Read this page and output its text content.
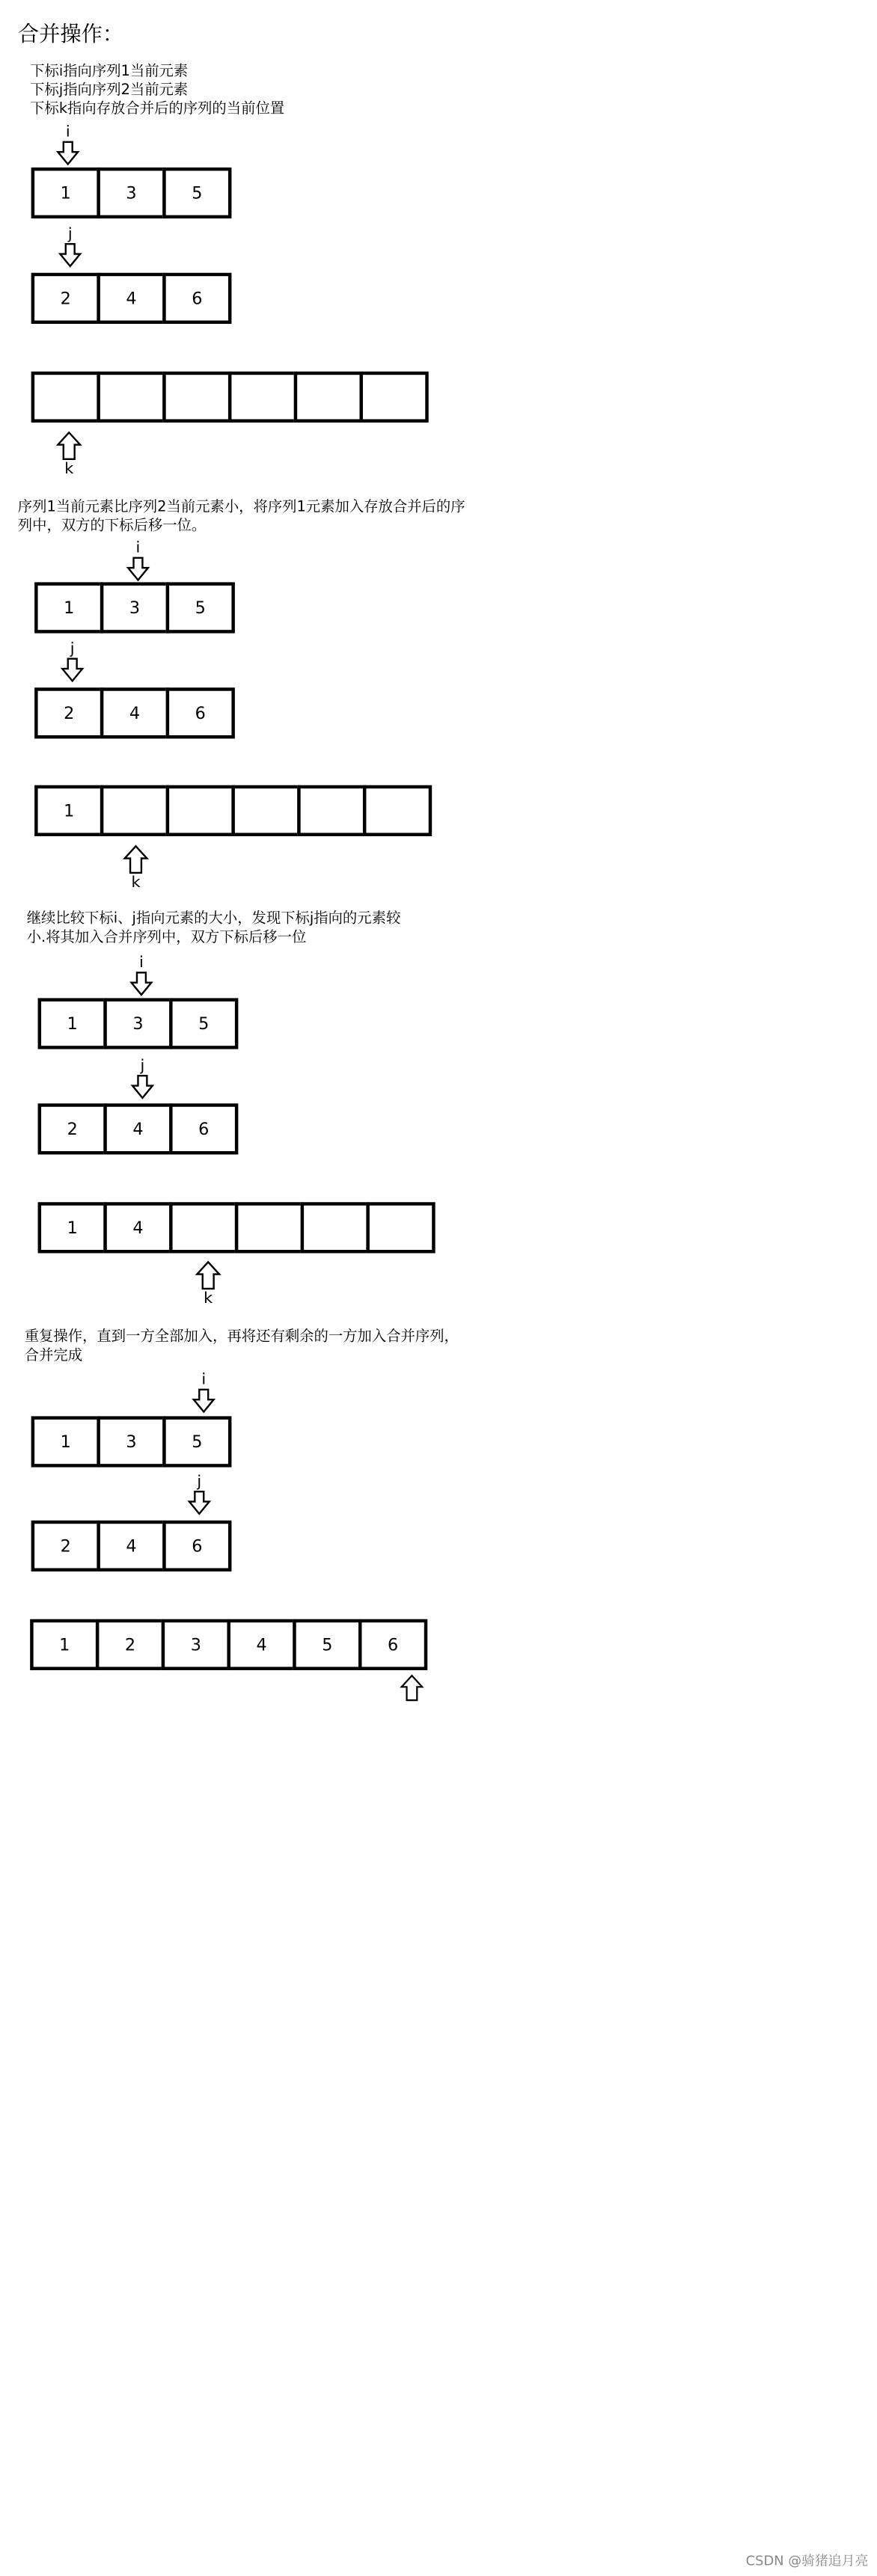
合并操作：
下标i指向序列1当前元素
下标j指向序列2当前元素
下标k指向存放合并后的序列的当前位置
i
1	3	5
j
2	4	6
k
序列1当前元素比序列2当前元素小，将序列1元素加入存放合并后的序
列中，双方的下标后移一位。
i
1	3	5
j
2	4	6
1
k
继续比较下标i、j指向元素的大小，发现下标j指向的元素较
小.将其加入合并序列中，双方下标后移一位
i
1	3	5
j
2	4	6
1	4
k
重复操作，直到一方全部加入，再将还有剩余的一方加入合并序列，
合并完成
i
1	3	5
j
2	4	6
1	2	3	4	5	6
CSDN @骑猪追月亮
